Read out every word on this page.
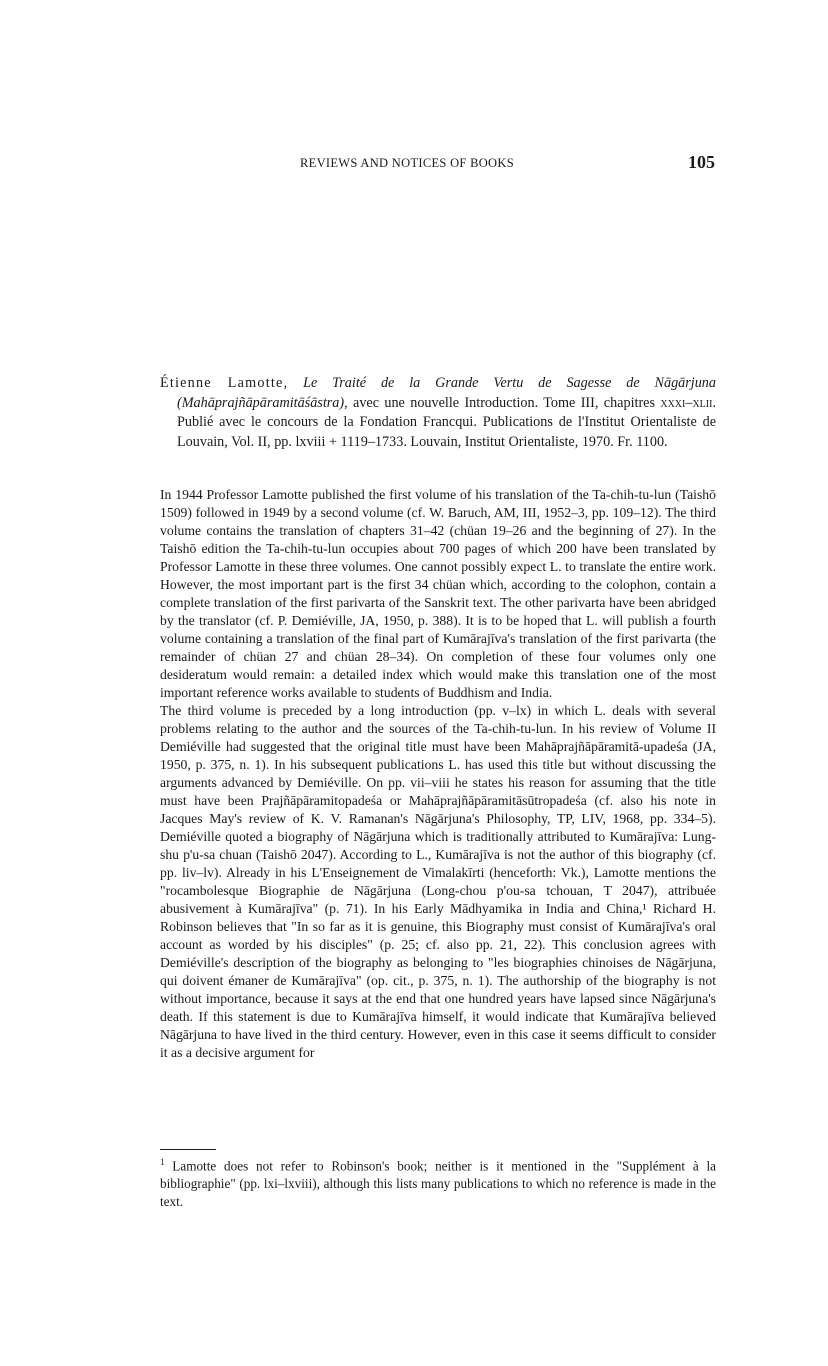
REVIEWS AND NOTICES OF BOOKS	105
Étienne Lamotte, Le Traité de la Grande Vertu de Sagesse de Nāgārjuna (Mahāprajñāpāramitāśāstra), avec une nouvelle Introduction. Tome III, chapitres xxxi–xlii. Publié avec le concours de la Fondation Francqui. Publications de l'Institut Orientaliste de Louvain, Vol. II, pp. lxviii + 1119–1733. Louvain, Institut Orientaliste, 1970. Fr. 1100.

In 1944 Professor Lamotte published the first volume of his translation of the Ta-chih-tu-lun (Taishō 1509) followed in 1949 by a second volume (cf. W. Baruch, AM, III, 1952–3, pp. 109–12). The third volume contains the translation of chapters 31–42 (chüan 19–26 and the beginning of 27). In the Taishō edition the Ta-chih-tu-lun occupies about 700 pages of which 200 have been translated by Professor Lamotte in these three volumes. One cannot possibly expect L. to translate the entire work. However, the most important part is the first 34 chüan which, according to the colophon, contain a complete translation of the first parivarta of the Sanskrit text. The other parivarta have been abridged by the translator (cf. P. Demiéville, JA, 1950, p. 388). It is to be hoped that L. will publish a fourth volume containing a translation of the final part of Kumārajīva's translation of the first parivarta (the remainder of chüan 27 and chüan 28–34). On completion of these four volumes only one desideratum would remain: a detailed index which would make this translation one of the most important reference works available to students of Buddhism and India.

The third volume is preceded by a long introduction (pp. v–lx) in which L. deals with several problems relating to the author and the sources of the Ta-chih-tu-lun. In his review of Volume II Demiéville had suggested that the original title must have been Mahāprajñāpāramitā-upadeśa (JA, 1950, p. 375, n. 1). In his subsequent publications L. has used this title but without discussing the arguments advanced by Demiéville. On pp. vii–viii he states his reason for assuming that the title must have been Prajñāpāramitopadeśa or Mahāprajñāpāramitāsūtropadeśa (cf. also his note in Jacques May's review of K. V. Ramanan's Nāgārjuna's Philosophy, TP, LIV, 1968, pp. 334–5). Demiéville quoted a biography of Nāgārjuna which is traditionally attributed to Kumārajīva: Lung-shu p'u-sa chuan (Taishō 2047). According to L., Kumārajīva is not the author of this biography (cf. pp. liv–lv). Already in his L'Enseignement de Vimalakīrti (henceforth: Vk.), Lamotte mentions the "rocambolesque Biographie de Nāgārjuna (Long-chou p'ou-sa tchouan, T 2047), attribuée abusivement à Kumārajīva" (p. 71). In his Early Mādhyamika in India and China,¹ Richard H. Robinson believes that "In so far as it is genuine, this Biography must consist of Kumārajīva's oral account as worded by his disciples" (p. 25; cf. also pp. 21, 22). This conclusion agrees with Demiéville's description of the biography as belonging to "les biographies chinoises de Nāgārjuna, qui doivent émaner de Kumārajīva" (op. cit., p. 375, n. 1). The authorship of the biography is not without importance, because it says at the end that one hundred years have lapsed since Nāgārjuna's death. If this statement is due to Kumārajīva himself, it would indicate that Kumārajīva believed Nāgārjuna to have lived in the third century. However, even in this case it seems difficult to consider it as a decisive argument for

$^1$ Lamotte does not refer to Robinson's book; neither is it mentioned in the "Supplément à la bibliographie" (pp. lxi–lxviii), although this lists many publications to which no reference is made in the text.
